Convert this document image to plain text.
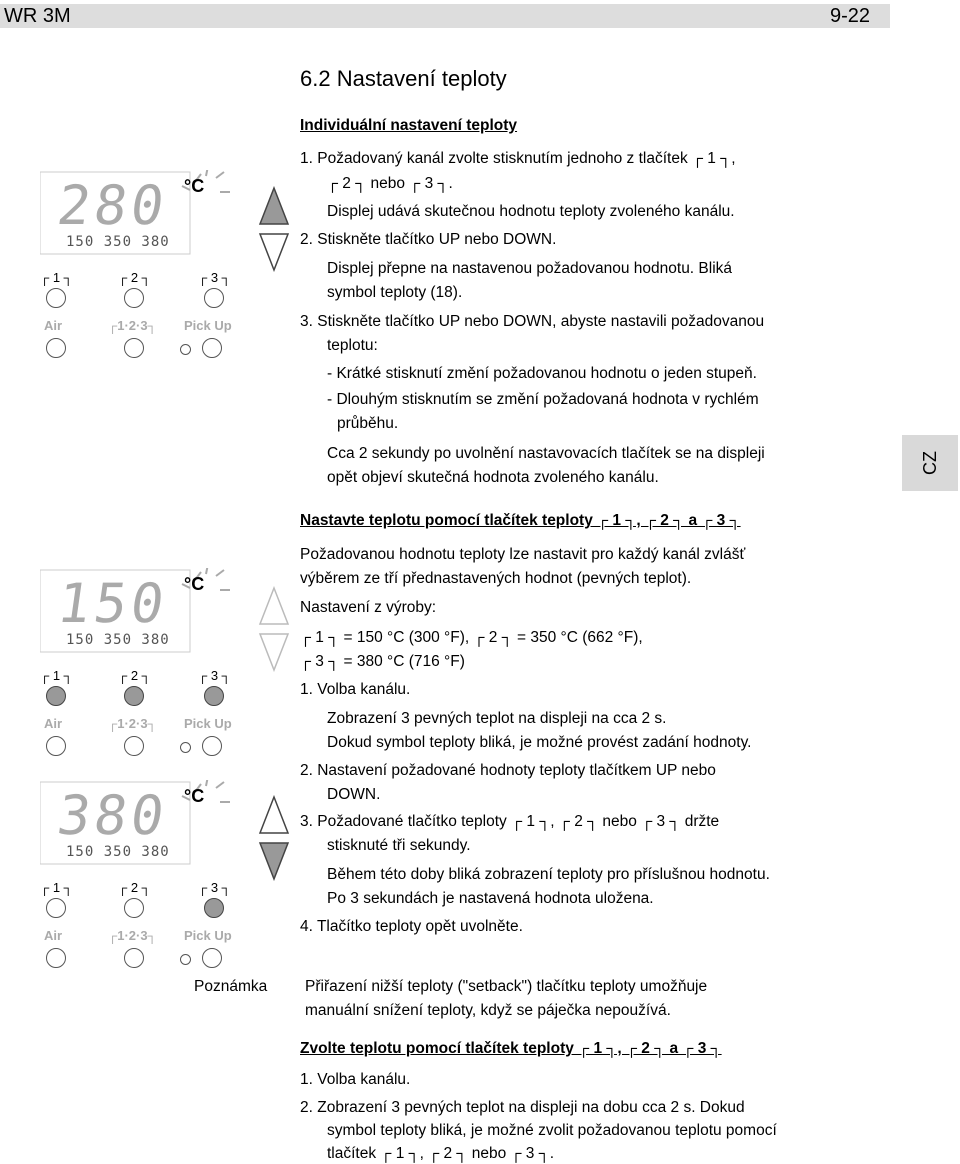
WR 3M	9-22
6.2 Nastavení teploty
CZ
Individuální nastavení teploty
1. Požadovaný kanál zvolte stisknutím jednoho z tlačítek ┌ 1 ┐,
┌ 2 ┐ nebo ┌ 3 ┐.
Displej udává skutečnou hodnotu teploty zvoleného kanálu.
2. Stiskněte tlačítko UP nebo DOWN.
Displej přepne na nastavenou požadovanou hodnotu. Bliká
symbol teploty (18).
3. Stiskněte tlačítko UP nebo DOWN, abyste nastavili požadovanou
teplotu:
- Krátké stisknutí změní požadovanou hodnotu o jeden stupeň.
- Dlouhým stisknutím se změní požadovaná hodnota v rychlém
průběhu.
Cca 2 sekundy po uvolnění nastavovacích tlačítek se na displeji
opět objeví skutečná hodnota zvoleného kanálu.
Nastavte teplotu pomocí tlačítek teploty ┌ 1 ┐, ┌ 2 ┐ a ┌ 3 ┐
Požadovanou hodnotu teploty lze nastavit pro každý kanál zvlášť
výběrem ze tří přednastavených hodnot (pevných teplot).
Nastavení z výroby:
┌ 1 ┐ = 150 °C (300 °F), ┌ 2 ┐ = 350 °C (662 °F),
┌ 3 ┐ = 380 °C (716 °F)
1. Volba kanálu.
Zobrazení 3 pevných teplot na displeji na cca 2 s.
Dokud symbol teploty bliká, je možné provést zadání hodnoty.
2. Nastavení požadované hodnoty teploty tlačítkem UP nebo
DOWN.
3. Požadované tlačítko teploty ┌ 1 ┐, ┌ 2 ┐ nebo ┌ 3 ┐ držte
stisknuté tři sekundy.
Během této doby bliká zobrazení teploty pro příslušnou hodnotu.
Po 3 sekundách je nastavená hodnota uložena.
4. Tlačítko teploty opět uvolněte.
Poznámka Přiřazení nižší teploty ("setback") tlačítku teploty umožňuje
manuální snížení teploty, když se páječka nepoužívá.
Zvolte teplotu pomocí tlačítek teploty ┌ 1 ┐, ┌ 2 ┐ a ┌ 3 ┐
1. Volba kanálu.
2. Zobrazení 3 pevných teplot na displeji na dobu cca 2 s. Dokud
symbol teploty bliká, je možné zvolit požadovanou teplotu pomocí
tlačítek ┌ 1 ┐, ┌ 2 ┐ nebo ┌ 3 ┐.
280
150 350 380
°C
┌ 1 ┐	┌ 2 ┐	┌ 3 ┐
Air	┌1·2·3┐ Pick Up
150
150 350 380
°C
┌ 1 ┐	┌ 2 ┐	┌ 3 ┐
Air	┌1·2·3┐ Pick Up
380
150 350 380
°C
┌ 1 ┐	┌ 2 ┐	┌ 3 ┐
Air	┌1·2·3┐ Pick Up
